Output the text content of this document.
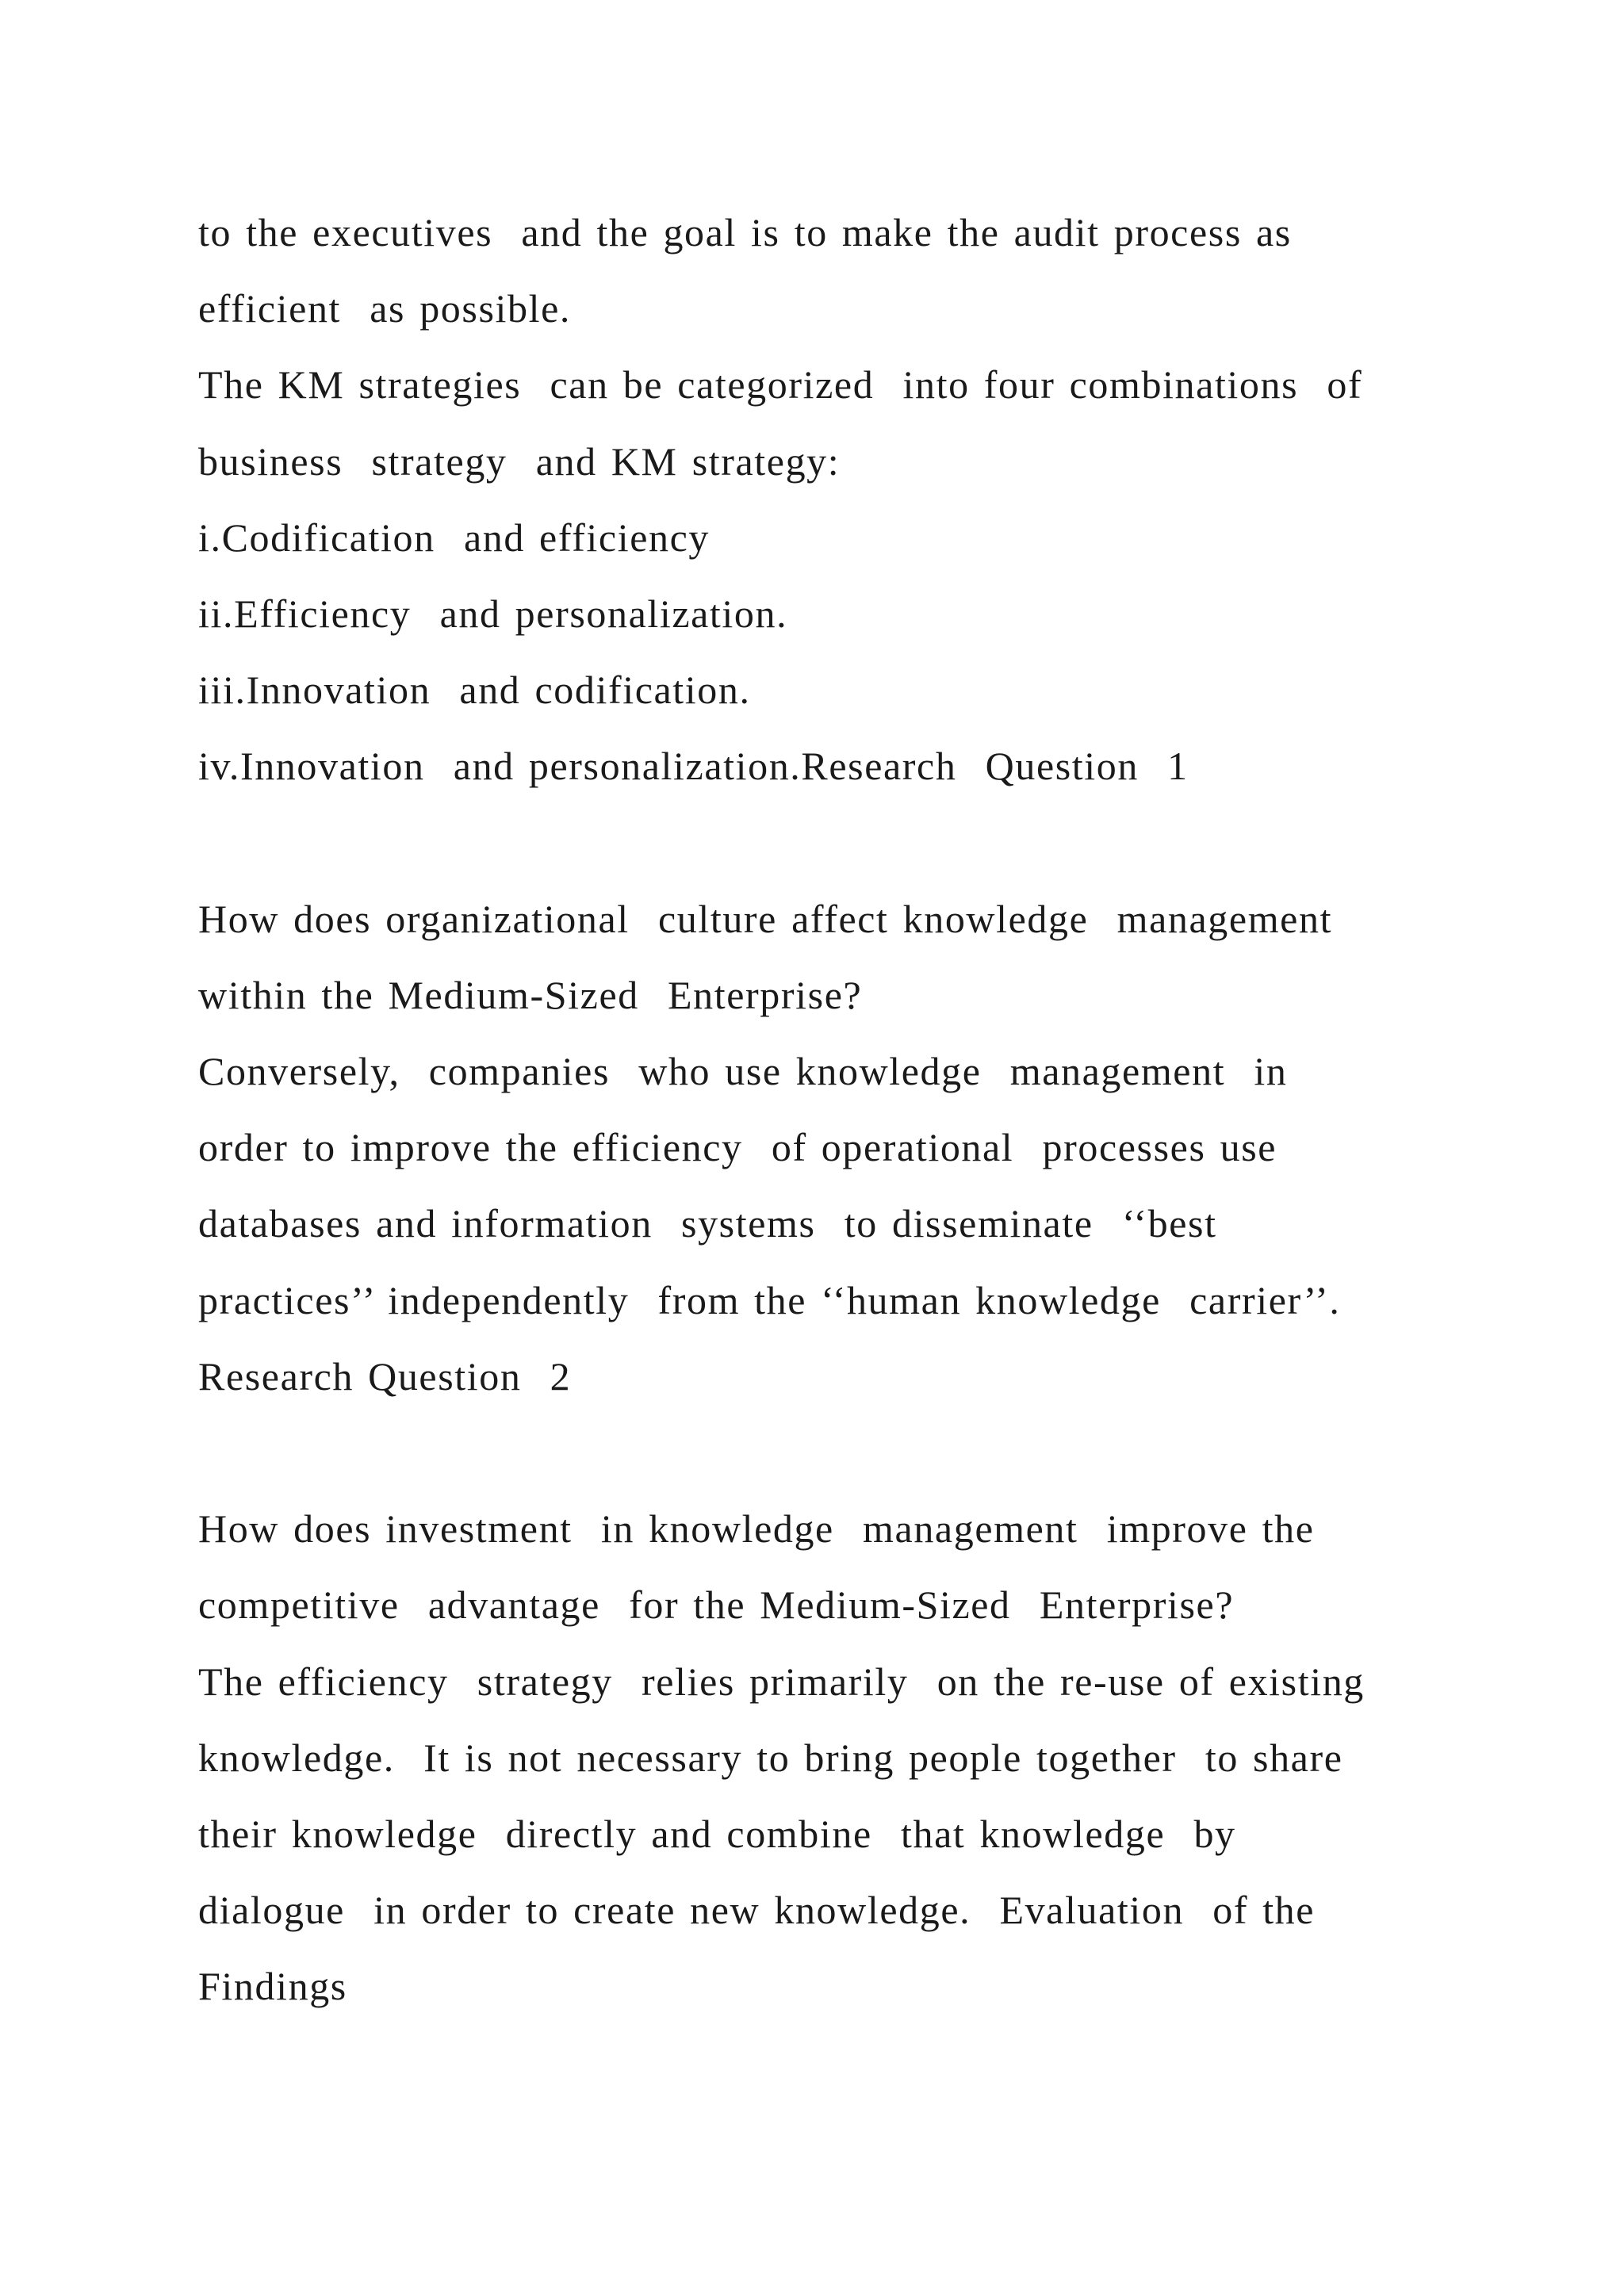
to the executives  and the goal is to make the audit process as
efficient  as possible.
The KM strategies  can be categorized  into four combinations  of
business  strategy  and KM strategy:
i.Codification  and efficiency
ii.Efficiency  and personalization.
iii.Innovation  and codification.
iv.Innovation  and personalization.Research  Question  1
How does organizational  culture affect knowledge  management
within the Medium-Sized  Enterprise?
Conversely,  companies  who use knowledge  management  in
order to improve the efficiency  of operational  processes use
databases and information  systems  to disseminate  ‘‘best
practices’’ independently  from the ‘‘human knowledge  carrier’’.
Research Question  2
How does investment  in knowledge  management  improve the
competitive  advantage  for the Medium-Sized  Enterprise?
The efficiency  strategy  relies primarily  on the re-use of existing
knowledge.  It is not necessary to bring people together  to share
their knowledge  directly and combine  that knowledge  by
dialogue  in order to create new knowledge.  Evaluation  of the
Findings
